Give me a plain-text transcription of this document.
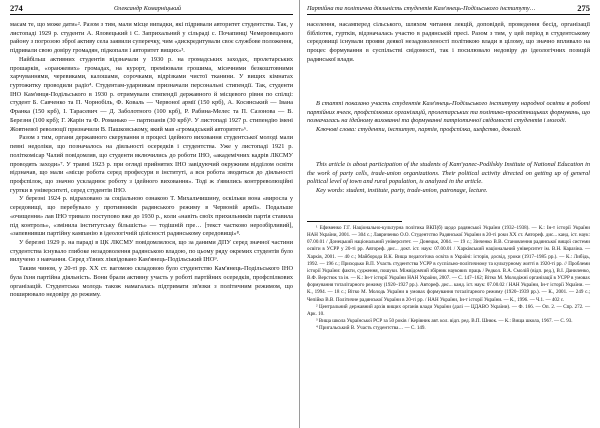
274	Олександр Комарніцький

масам те, що може дати»². Разом з тим, мали місце випадки, які підривали авторитет студентства. Так, у листопаді 1929 р. студенти А. Яловецький і С. Заприхальний у сільраді с. Почапинці Чемеровецького району з погрозою зброї активу села заявили суперечку, чим «дискредитували своє службове положення, підривали свою довіру громадян, підкопали і авторитет вищих»³.

Найбільш активних студентів відзначали у 1930 р. на громадських заходах, пролетарських прошарків, «оранжевих» громадах, на курорт, преміювали грошима, місячними безкоштовними харчуваннями, черевиками, калошами, сорочками, відрізками чистої тканини. У вищих кімнатах гуртожитку проводили радіо⁴. Студентам-ударникам призначали персональні стипендії. Так, студенти ІНО Кам'янця-Подільського в 1930 р. отримували стипендії державного й місцевого рівня по спілці: студент Б. Савченко та П. Чорнобіль, Ф. Коваль — Червоної армії (150 крб), А. Косянський — Івана Франка (150 крб), І. Тарасевич — Д. Заболотного (100 крб), Р. Рабина-Мелес та П. Сазонова — В. Березня (100 крб); Г. Жарін та Ф. Романько — партизанів (30 крб)⁵. У листопаді 1927 р. стипендію імені Жовтневої революції призначили В. Пашковському, який мав «громадський авторитет»⁶.

Разом з тим, органи державного скерування в процесі ідейного виховання студентської молоді мали певні недоліки, що позначалось на діяльності осередків і студентства. Уже у листопаді 1921 р. політкомісар Чалий повідомляв, що студенти включились до роботи ІНО, «академічних кадрів ЛКСМУ проводять заходи»⁷. У травні 1923 р. при огляді прийнятих ІНО завідуючий окружним відділом освіти відзначав, що мали «місце робота серед професури в інституті, а вся робота зводиться до діяльності профспілок, що значно ускладнює роботу з ідейного виховання». Тоді ж з'явились контрреволюційні гуртки в університеті, серед студентів ІНО.

У березні 1924 р. відраховано за соціальною ознакою Т. Михальчишину, оскільки вона «виросла у середовищі, що перебувало у противників радянського режиму в Червоній армії». Подальше «очищення» лав ІНО тривало поступово вже до 1930 р., коли «навіть своїх прихильників партія ставила під контроль», «змінила інститутську більшість» — тодішній пре… [текст частково нерозбірливий], «запевнивши партійну кампанію в ідеологічній цілісності радянському середовищі»⁸.

У березні 1929 р. на параді в ЦК ЛКСМУ повідомлялося, що за даними ДПУ серед значної частини студентства існувало глибоке незадоволення радянською владою, по цьому ряду окремих студентів було вилучено з навчання. Серед з'їзних ліквідовано Кам'янець-Подільський ІНО⁹.

Таким чином, у 20-ті рр. XX ст. вагомою складовою було студентство Кам'янець-Подільського ІНО була їхня партійна діяльність. Вони брали активну участь у роботі партійних осередків, профспілкових організацій. Студентська молодь також намагалась підтримати зв'язки з політичним режимом, що поширювало недовіру до режиму.

Партійна та політична діяльність студентів Кам'янець-Подільського інституту…	275

населення, насамперед сільського, шляхом читання лекцій, доповідей, проведення бесід, організації бібліотек, гуртків, відзначалась участю в радянській пресі. Разом з тим, у цей період в студентському середовищі існували прояви деякої незадоволеності політикою влади в цілому, що значно впливало на процес формування в суспільстві свідомості, так і посилювало недовіру до ідеологічних позицій радянської влади.

В статті показано участь студентів Кам'янець-Подільського інституту народної освіти в роботі партійних ячеєк, профспілкових організацій, пролетарських та політико-просвітницьких формувань, що позначалась на ідейному вихованні та формуванні патріотичної свідомості студентів і молоді.

Ключові слова: студенти, інститут, партія, профспілка, шефство, доклад.

This article is about participation of the students of Kam'yanec-Podilskiy Institute of National Education in the work of party cells, trade-union organizations. Their political activity directed on getting up of general political level of town and rural population, is analyzed in the article.

Key words: student, institute, party, trade-union, patronage, lecture.

¹ Ефименко Г.Г. Національно-культурна політика ВКП(б) щодо радянської України (1932–1938). — К.: Ін-т історії України НАН України, 2001. — 304 с.; Лавриченко О.О. Студентство Радянської України в 20-ті роки XX ст. Автореф. дис... канд. іст. наук: 07.00.01 / Донецький національний університет. — Донецьк, 2004. — 19 с.; Зінченко В.В. Становлення радянської вищої системи освіти в УСРР у 20-ті рр. Автореф. дис... докт. іст. наук: 07.00.01 / Харківський національний університет ім. В.Н. Каразіна. — Харків, 2001. — 40 с.; Майборода В.К. Вища педагогічна освіта в Україні: історія, досвід, уроки (1917–1985 рр.). — К.: Либідь, 1992. — 196 с.; Приходько В.П. Участь студентства УСРР в суспільно-політичному та культурному житті в 1920-ті рр. // Проблеми історії України: факти, судження, пошуки. Міжвідомчий збірник наукових праць / Редкол. В.А. Смолій (відп. ред.), В.І. Даниленко, В.Ф. Верстюк та ін. — К.: Ін-т історії України НАН України, 2007. — С. 147–162; Вітко М. Молодіжні організації в УСРР в умовах формування тоталітарного режиму (1920–1927 рр.). Автореф. дис... канд. іст. наук: 07.00.02 / НАН України, Ін-т історії України. — К., 1994. — 18 с.; Вітко М. Молодь України в умовах формування тоталітарного режиму (1920–1939 рр.). — К., 2001. — 249 с.; Чепійко В.В. Політичне радянської України в 20-ті рр. / НАН України, Ін-т історії України. — К., 1996. — Ч.1. — 402 с.

² Центральний державний архів вищих органів влади України (далі — ЦДАВО України). — Ф. 166. — Оп. 2. — Спр. 272. — Арк. 10.

³ Вища школа Української РСР за 50 років / Керівник авт. кол. відп. ред. В.П. Шнюк. — К.: Вища школа, 1967. — С. 93.

⁴ Пригальський В. Участь студентства… — С. 149.
